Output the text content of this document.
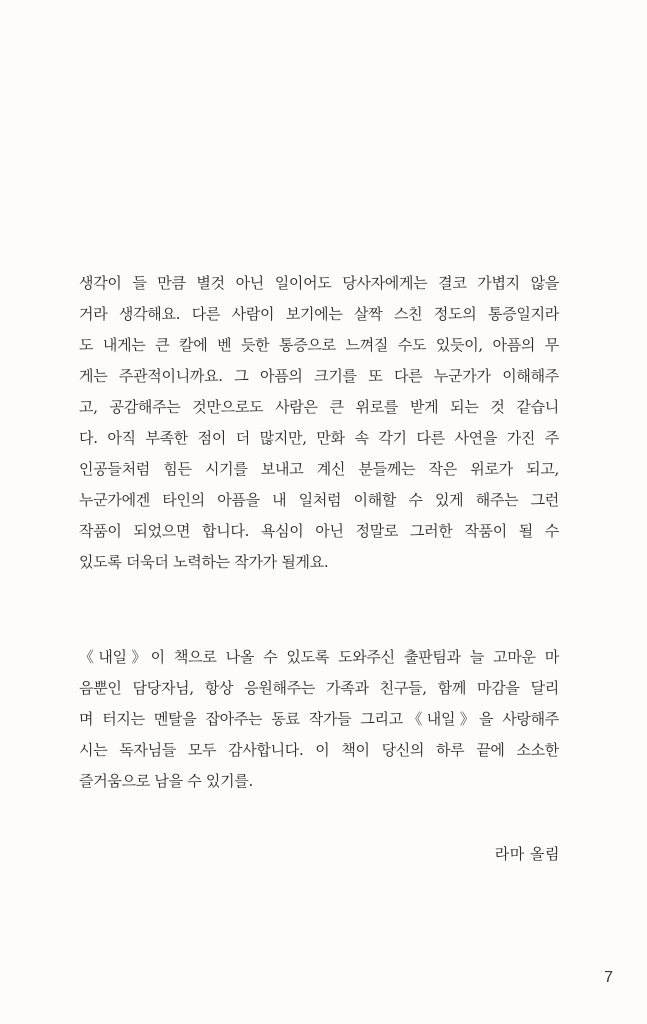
생각이 들 만큼 별것 아닌 일이어도 당사자에게는 결코 가볍지 않을
거라 생각해요. 다른 사람이 보기에는 살짝 스친 정도의 통증일지라
도 내게는 큰 칼에 벤 듯한 통증으로 느껴질 수도 있듯이, 아픔의 무
게는 주관적이니까요. 그 아픔의 크기를 또 다른 누군가가 이해해주
고, 공감해주는 것만으로도 사람은 큰 위로를 받게 되는 것 같습니
다. 아직 부족한 점이 더 많지만, 만화 속 각기 다른 사연을 가진 주
인공들처럼 힘든 시기를 보내고 계신 분들께는 작은 위로가 되고,
누군가에겐 타인의 아픔을 내 일처럼 이해할 수 있게 해주는 그런
작품이 되었으면 합니다. 욕심이 아닌 정말로 그러한 작품이 될 수
있도록 더욱더 노력하는 작가가 될게요.
《내일》이 책으로 나올 수 있도록 도와주신 출판팀과 늘 고마운 마
음뿐인 담당자님, 항상 응원해주는 가족과 친구들, 함께 마감을 달리
며 터지는 멘탈을 잡아주는 동료 작가들 그리고《내일》을 사랑해주
시는 독자님들 모두 감사합니다. 이 책이 당신의 하루 끝에 소소한
즐거움으로 남을 수 있기를.
라마 올림
7
